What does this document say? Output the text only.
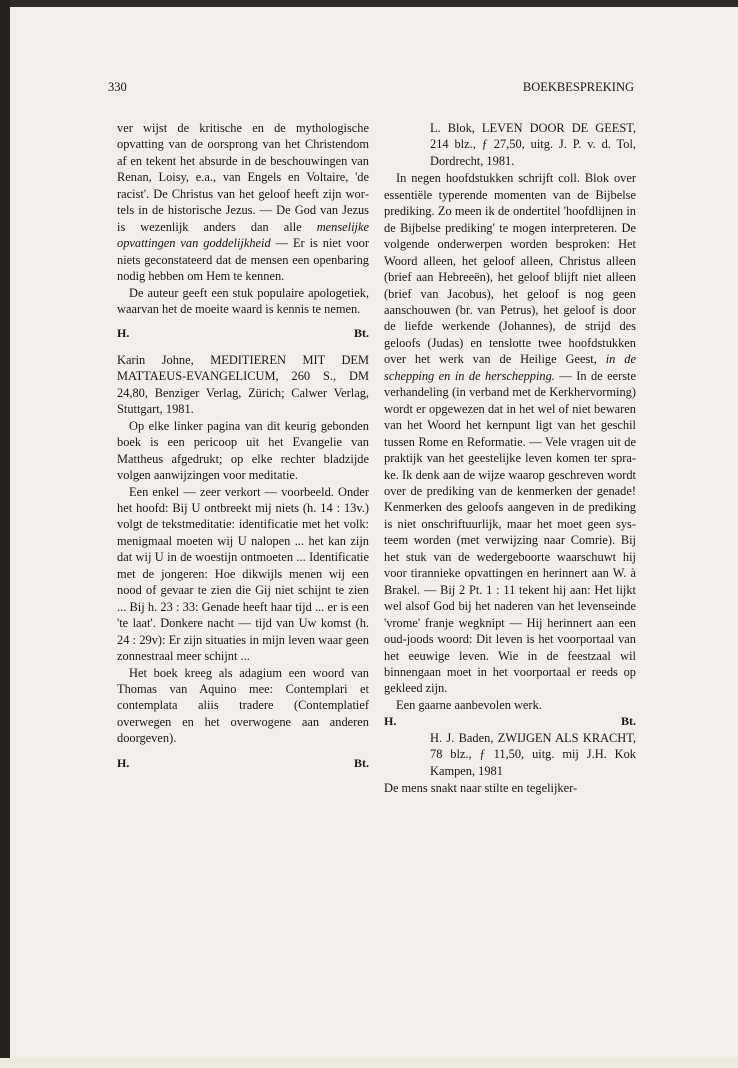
330	BOEKBESPREKING

ver wijst de kritische en de mythologische opvatting van de oorsprong van het Christendom af en tekent het absurde in de beschouwingen van Renan, Loisy, e.a., van Engels en Voltaire, 'de racist'. De Christus van het geloof heeft zijn wortels in de historische Jezus. — De God van Jezus is wezenlijk anders dan alle menselijke opvattingen van goddelijkheid — Er is niet voor niets geconstateerd dat de mensen een openbaring nodig hebben om Hem te kennen.

De auteur geeft een stuk populaire apologetiek, waarvan het de moeite waard is kennis te nemen.

H.	Bt.

Karin Johne, MEDITIEREN MIT DEM MATTAEUS-EVANGELICUM, 260 S., DM 24,80, Benziger Verlag, Zürich; Calwer Verlag, Stuttgart, 1981.

Op elke linker pagina van dit keurig gebonden boek is een pericoop uit het Evangelie van Mattheus afgedrukt; op elke rechter bladzijde volgen aanwijzingen voor meditatie.

Een enkel — zeer verkort — voorbeeld. Onder het hoofd: Bij U ontbreekt mij niets (h. 14 : 13v.) volgt de tekstmeditatie: identificatie met het volk: menigmaal moeten wij U nalopen ... het kan zijn dat wij U in de woestijn ontmoeten ... Identificatie met de jongeren: Hoe dikwijls menen wij een nood of gevaar te zien die Gij niet schijnt te zien ... Bij h. 23 : 33: Genade heeft haar tijd ... er is een 'te laat'. Donkere nacht — tijd van Uw komst (h. 24 : 29v): Er zijn situaties in mijn leven waar geen zonnestraal meer schijnt ...

Het boek kreeg als adagium een woord van Thomas van Aquino mee: Contemplari et contemplata aliis tradere (Contemplatief overwegen en het overwogene aan anderen doorgeven).

H.	Bt.

L. Blok, LEVEN DOOR DE GEEST, 214 blz., ƒ 27,50, uitg. J. P. v. d. Tol, Dordrecht, 1981.

In negen hoofdstukken schrijft coll. Blok over essentiële typerende momenten van de Bijbelse prediking. Zo meen ik de ondertitel 'hoofdlijnen in de Bijbelse prediking' te mogen interpreteren. De volgende onderwerpen worden besproken: Het Woord alleen, het geloof alleen, Christus alleen (brief aan Hebreeën), het geloof blijft niet alleen (brief van Jacobus), het geloof is nog geen aanschouwen (br. van Petrus), het geloof is door de liefde werkende (Johannes), de strijd des geloofs (Judas) en tenslotte twee hoofdstukken over het werk van de Heilige Geest, in de schepping en in de herschepping. — In de eerste verhandeling (in verband met de Kerkhervorming) wordt er opgewezen dat in het wel of niet bewaren van het Woord het kernpunt ligt van het geschil tussen Rome en Reformatie. — Vele vragen uit de praktijk van het geestelijke leven komen ter sprake. Ik denk aan de wijze waarop geschreven wordt over de prediking van de kenmerken der genade! Kenmerken des geloofs aangeven in de prediking is niet onschriftuurlijk, maar het moet geen systeem worden (met verwijzing naar Comrie). Bij het stuk van de wedergeboorte waarschuwt hij voor tirannieke opvattingen en herinnert aan W. à Brakel. — Bij 2 Pt. 1 : 11 tekent hij aan: Het lijkt wel alsof God bij het naderen van het levenseinde 'vrome' franje wegknipt — Hij herinnert aan een oud-joods woord: Dit leven is het voorportaal van het eeuwige leven. Wie in de feestzaal wil binnengaan moet in het voorportaal er reeds op gekleed zijn.

Een gaarne aanbevolen werk.

H.	Bt.

H. J. Baden, ZWIJGEN ALS KRACHT, 78 blz., ƒ 11,50, uitg. mij J.H. Kok Kampen, 1981

De mens snakt naar stilte en tegelijker-
